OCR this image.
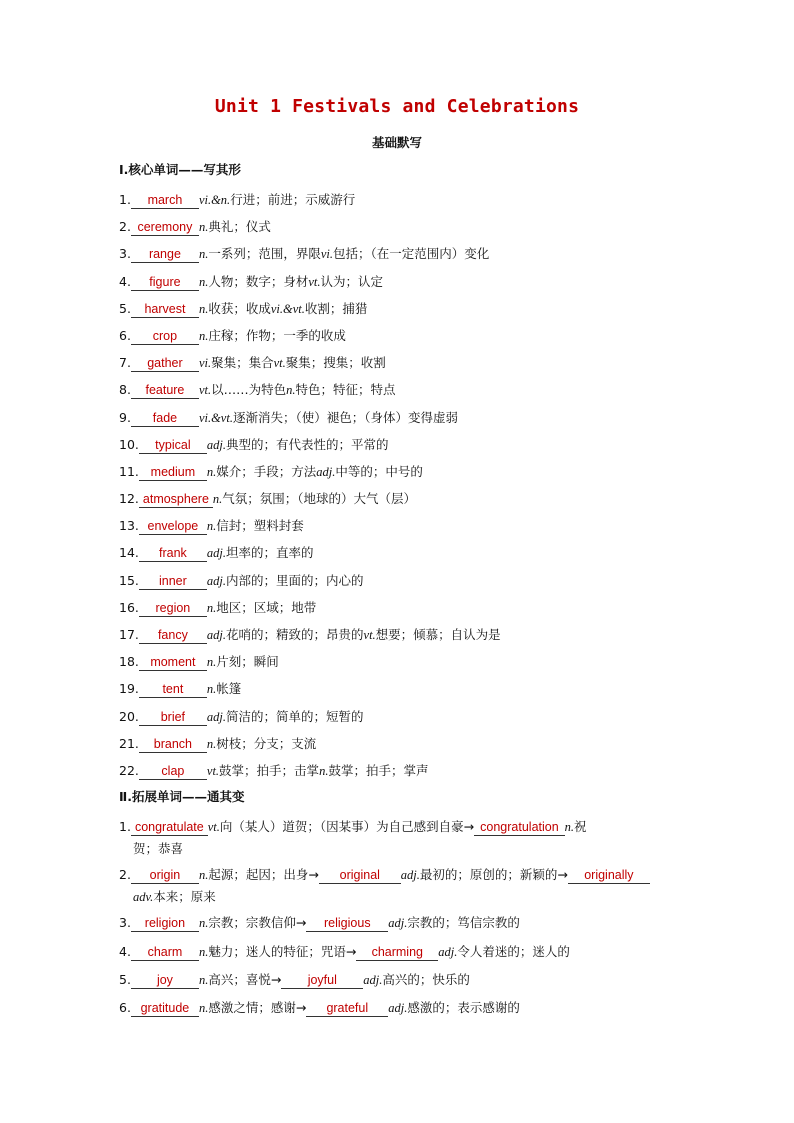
Unit 1 Festivals and Celebrations
基础默写
Ⅰ.核心单词——写其形
1. march vi.&n.行进；前进；示威游行
2. ceremony n.典礼；仪式
3. range n.一系列；范围，界限vi.包括；（在一定范围内）变化
4. figure n.人物；数字；身材vt.认为；认定
5. harvest n.收获；收成vi.&vt.收割；捕猎
6. crop n.庄稼；作物；一季的收成
7. gather vi.聚集；集合vt.聚集；搜集；收割
8. feature vt.以……为特色n.特色；特征；特点
9. fade vi.&vt.逐渐消失；（使）褪色；（身体）变得虚弱
10. typical adj.典型的；有代表性的；平常的
11. medium n.媒介；手段；方法adj.中等的；中号的
12. atmosphere n.气氛；氛围；（地球的）大气（层）
13. envelope n.信封；塑料封套
14. frank adj.坦率的；直率的
15. inner adj.内部的；里面的；内心的
16. region n.地区；区域；地带
17. fancy adj.花哨的；精致的；昂贵的vt.想要；倾慕；自认为是
18. moment n.片刻；瞬间
19. tent n.帐篷
20. brief adj.简洁的；简单的；短暂的
21. branch n.树枝；分支；支流
22. clap vt.鼓掌；拍手；击掌n.鼓掌；拍手；掌声
Ⅱ.拓展单词——通其变
1. congratulate vt.向（某人）道贺；（因某事）为自己感到自豪→ congratulation n.祝
贺；恭喜
2. origin n.起源；起因；出身→ original adj.最初的；原创的；新颖的→ originally
adv.本来；原来
3. religion n.宗教；宗教信仰→ religious adj.宗教的；笃信宗教的
4. charm n.魅力；迷人的特征；咒语→ charming adj.令人着迷的；迷人的
5. joy n.高兴；喜悦→ joyful adj.高兴的；快乐的
6. gratitude n.感激之情；感谢→ grateful adj.感激的；表示感谢的
